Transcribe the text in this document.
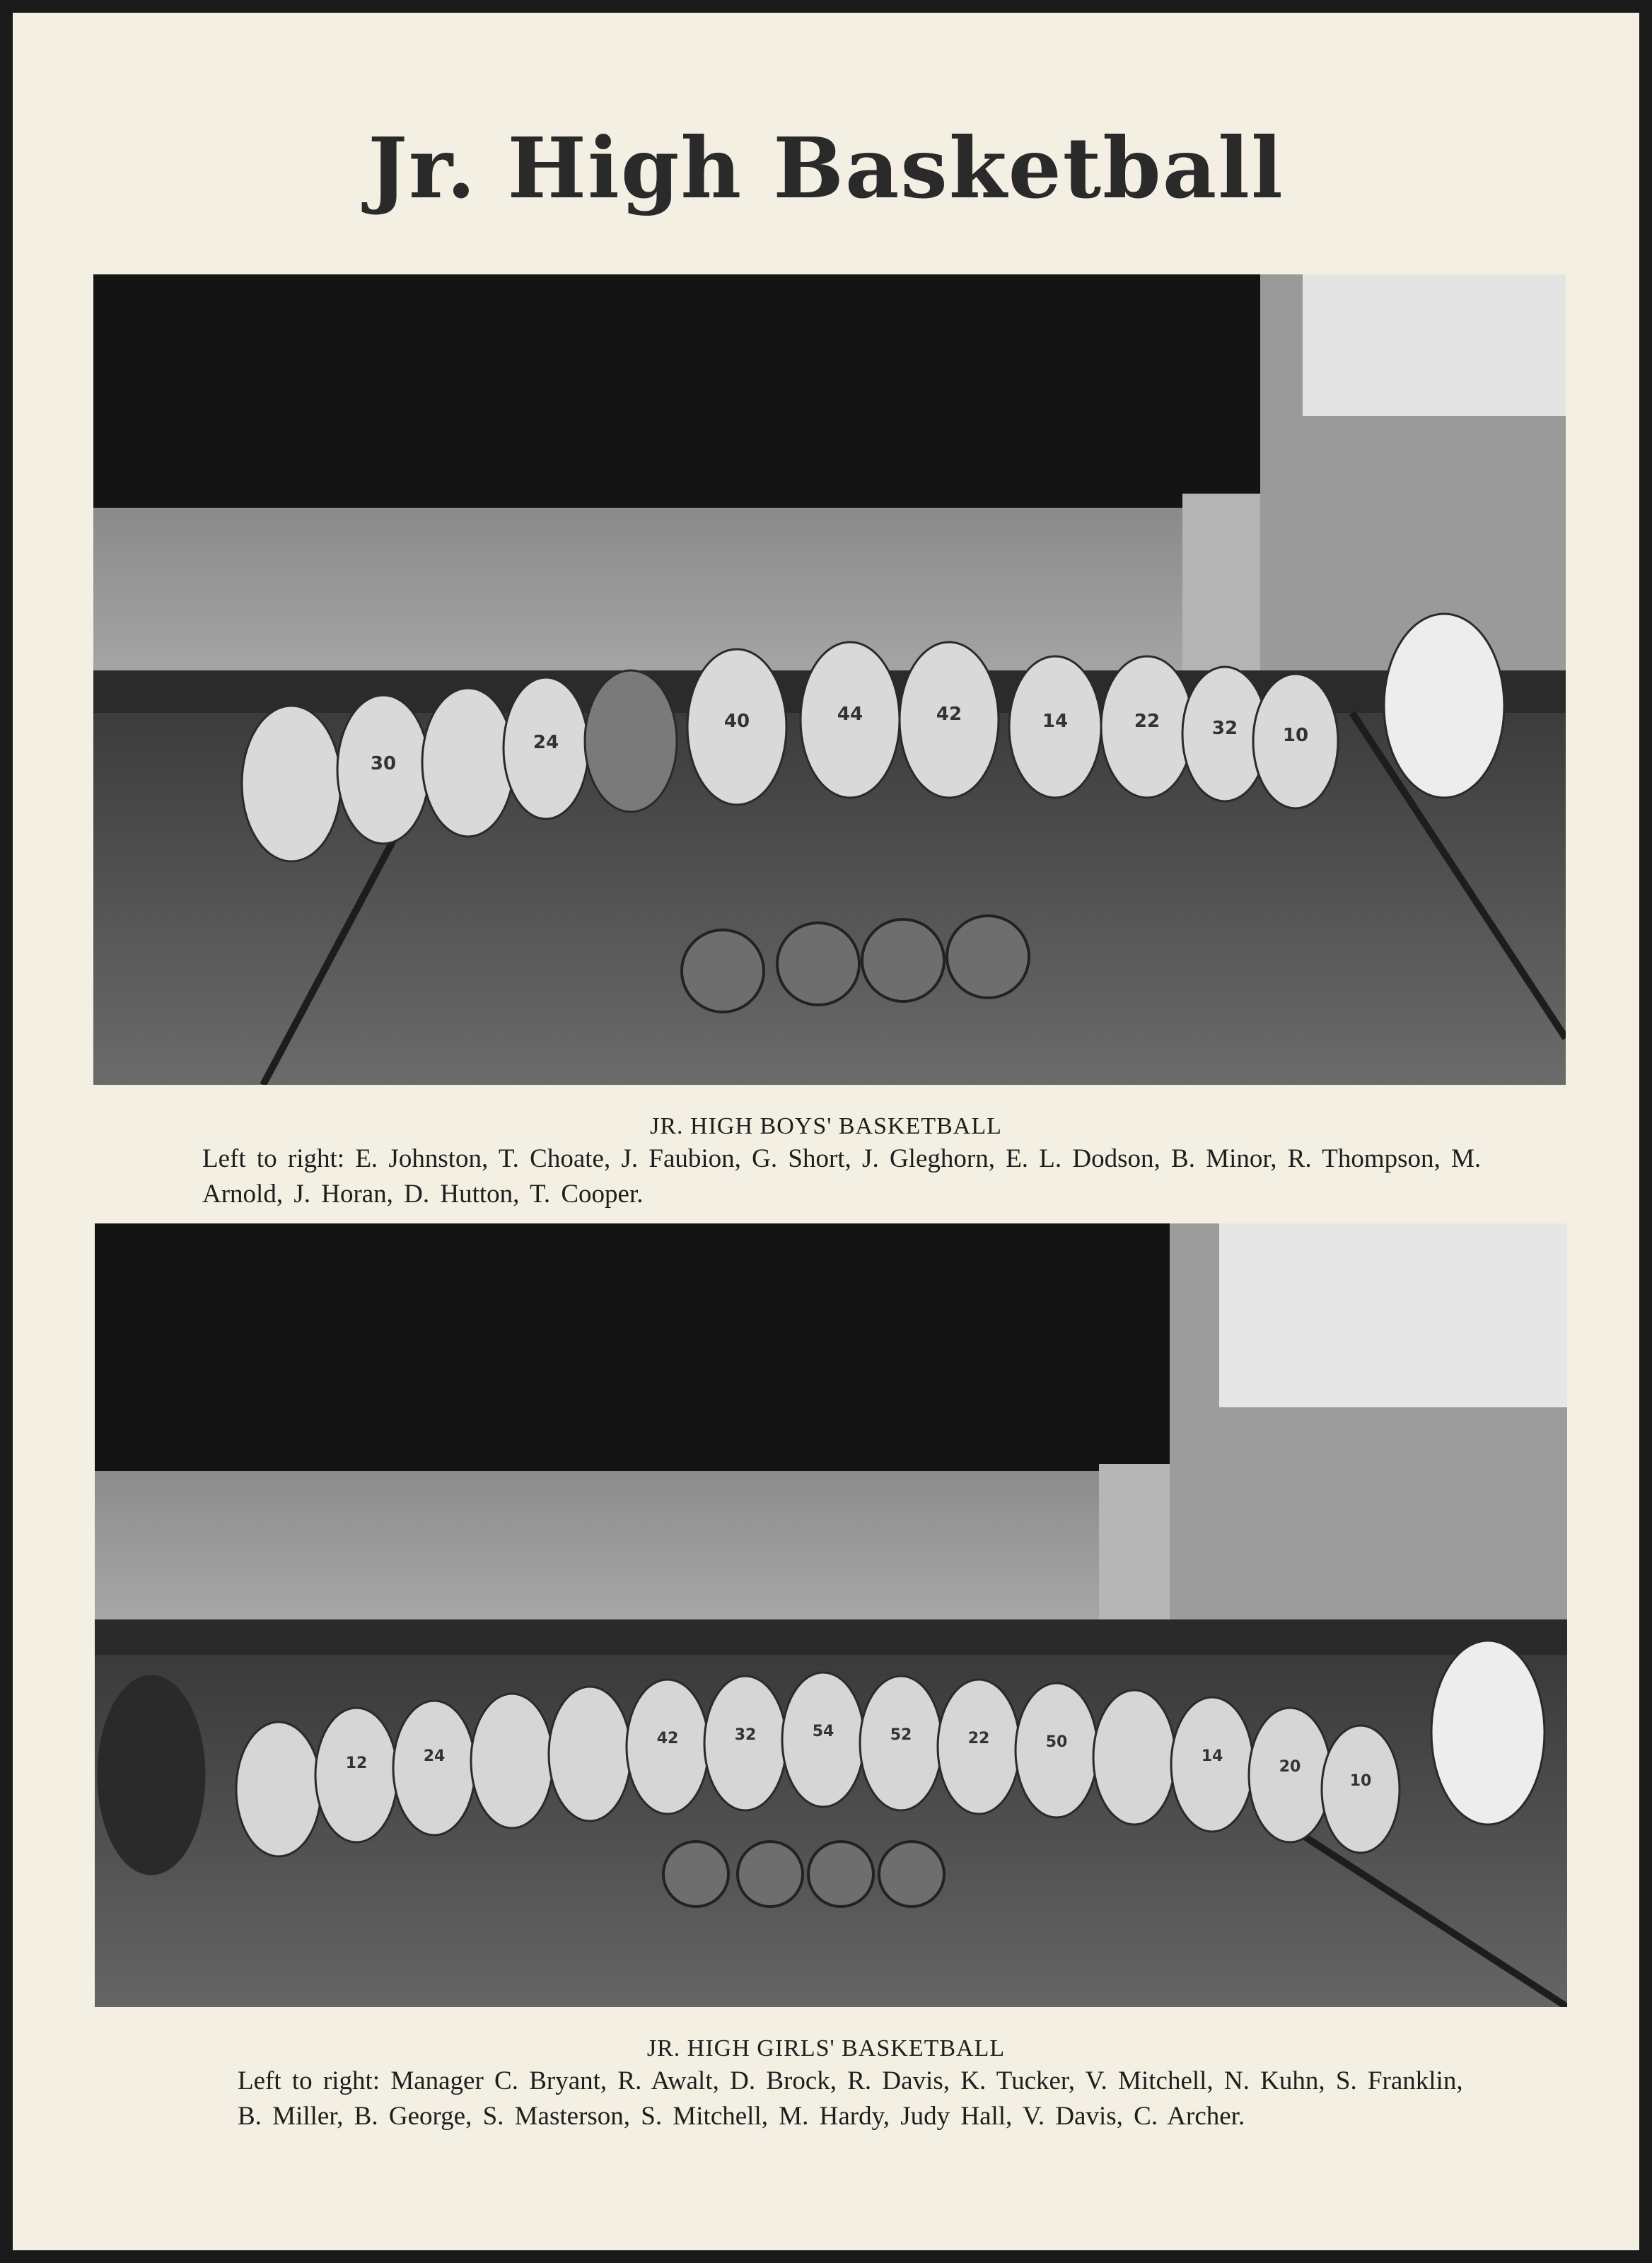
Jr. High Basketball
30
24
40	44	42	14	22	32 10
JR. HIGH BOYS' BASKETBALL
Left to right: E. Johnston, T. Choate, J. Faubion, G. Short, J. Gleghorn, E. L. Dodson, B. Minor, R. Thompson, M. Arnold, J. Horan, D. Hutton, T. Cooper.
12	24
42	32	54	52	22	50
14
20
10
JR. HIGH GIRLS' BASKETBALL
Left to right: Manager C. Bryant, R. Awalt, D. Brock, R. Davis, K. Tucker, V. Mitchell, N. Kuhn, S. Franklin, B. Miller, B. George, S. Masterson, S. Mitchell, M. Hardy, Judy Hall, V. Davis, C. Archer.
